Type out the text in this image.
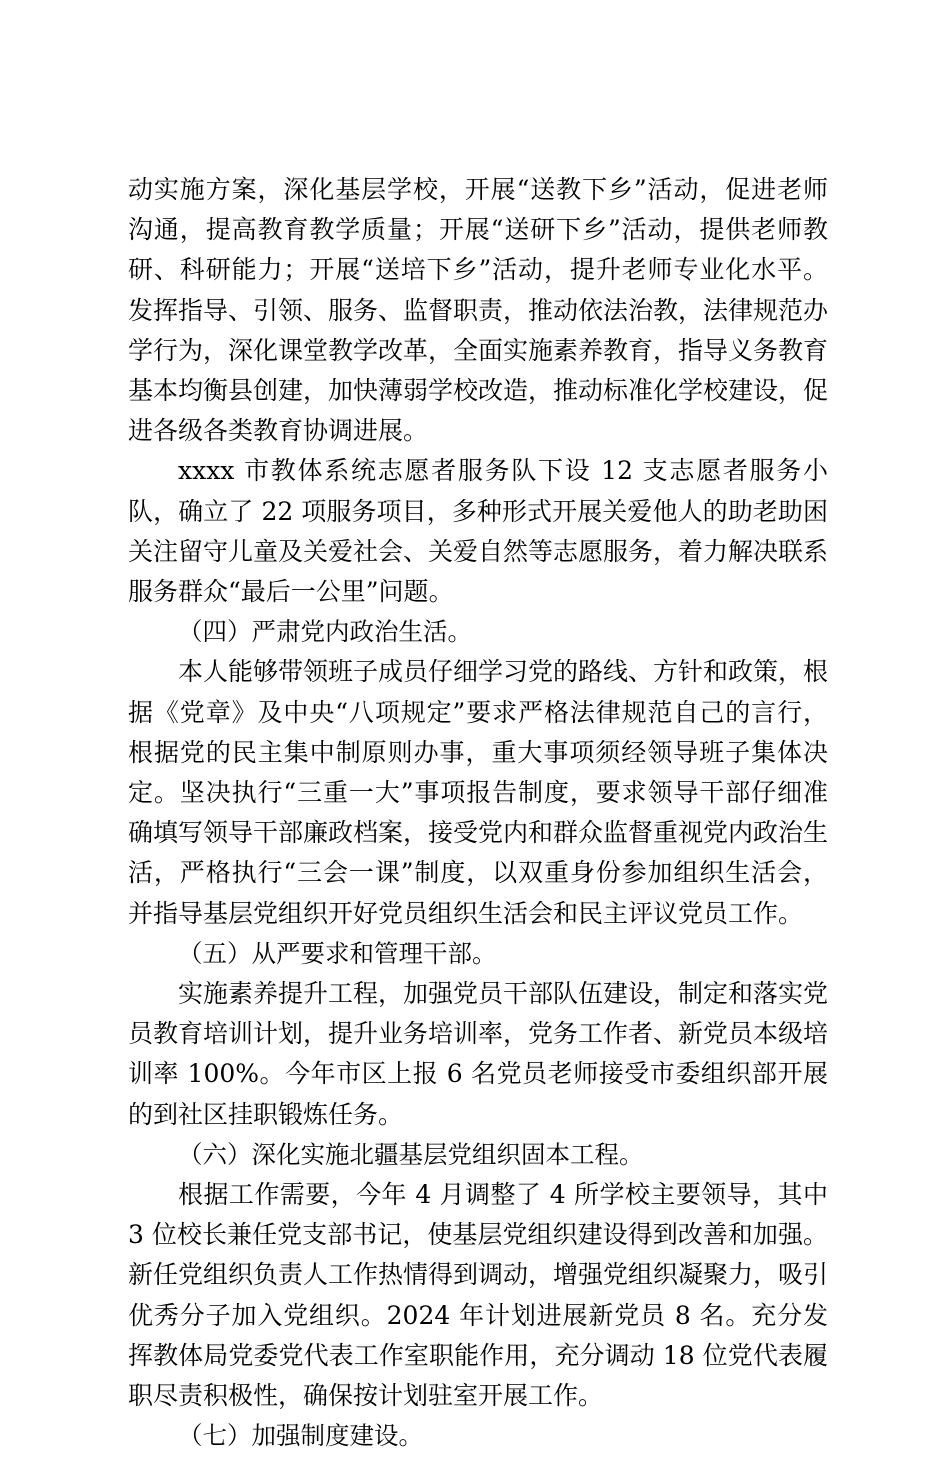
动实施方案，深化基层学校，开展“送教下乡”活动，促进老师沟通，提高教育教学质量；开展“送研下乡”活动，提供老师教研、科研能力；开展“送培下乡”活动，提升老师专业化水平。发挥指导、引领、服务、监督职责，推动依法治教，法律规范办学行为，深化课堂教学改革，全面实施素养教育，指导义务教育基本均衡县创建，加快薄弱学校改造，推动标准化学校建设，促进各级各类教育协调进展。

xxxx 市教体系统志愿者服务队下设 12 支志愿者服务小队，确立了 22 项服务项目，多种形式开展关爱他人的助老助困关注留守儿童及关爱社会、关爱自然等志愿服务，着力解决联系服务群众“最后一公里”问题。

（四）严肃党内政治生活。

本人能够带领班子成员仔细学习党的路线、方针和政策，根据《党章》及中央“八项规定”要求严格法律规范自己的言行，根据党的民主集中制原则办事，重大事项须经领导班子集体决定。坚决执行“三重一大”事项报告制度，要求领导干部仔细准确填写领导干部廉政档案，接受党内和群众监督重视党内政治生活，严格执行“三会一课”制度，以双重身份参加组织生活会，并指导基层党组织开好党员组织生活会和民主评议党员工作。

（五）从严要求和管理干部。

实施素养提升工程，加强党员干部队伍建设，制定和落实党员教育培训计划，提升业务培训率，党务工作者、新党员本级培训率 100%。今年市区上报 6 名党员老师接受市委组织部开展的到社区挂职锻炼任务。

（六）深化实施北疆基层党组织固本工程。

根据工作需要，今年 4 月调整了 4 所学校主要领导，其中 3 位校长兼任党支部书记，使基层党组织建设得到改善和加强。新任党组织负责人工作热情得到调动，增强党组织凝聚力，吸引优秀分子加入党组织。2024 年计划进展新党员 8 名。充分发挥教体局党委党代表工作室职能作用，充分调动 18 位党代表履职尽责积极性，确保按计划驻室开展工作。

（七）加强制度建设。
